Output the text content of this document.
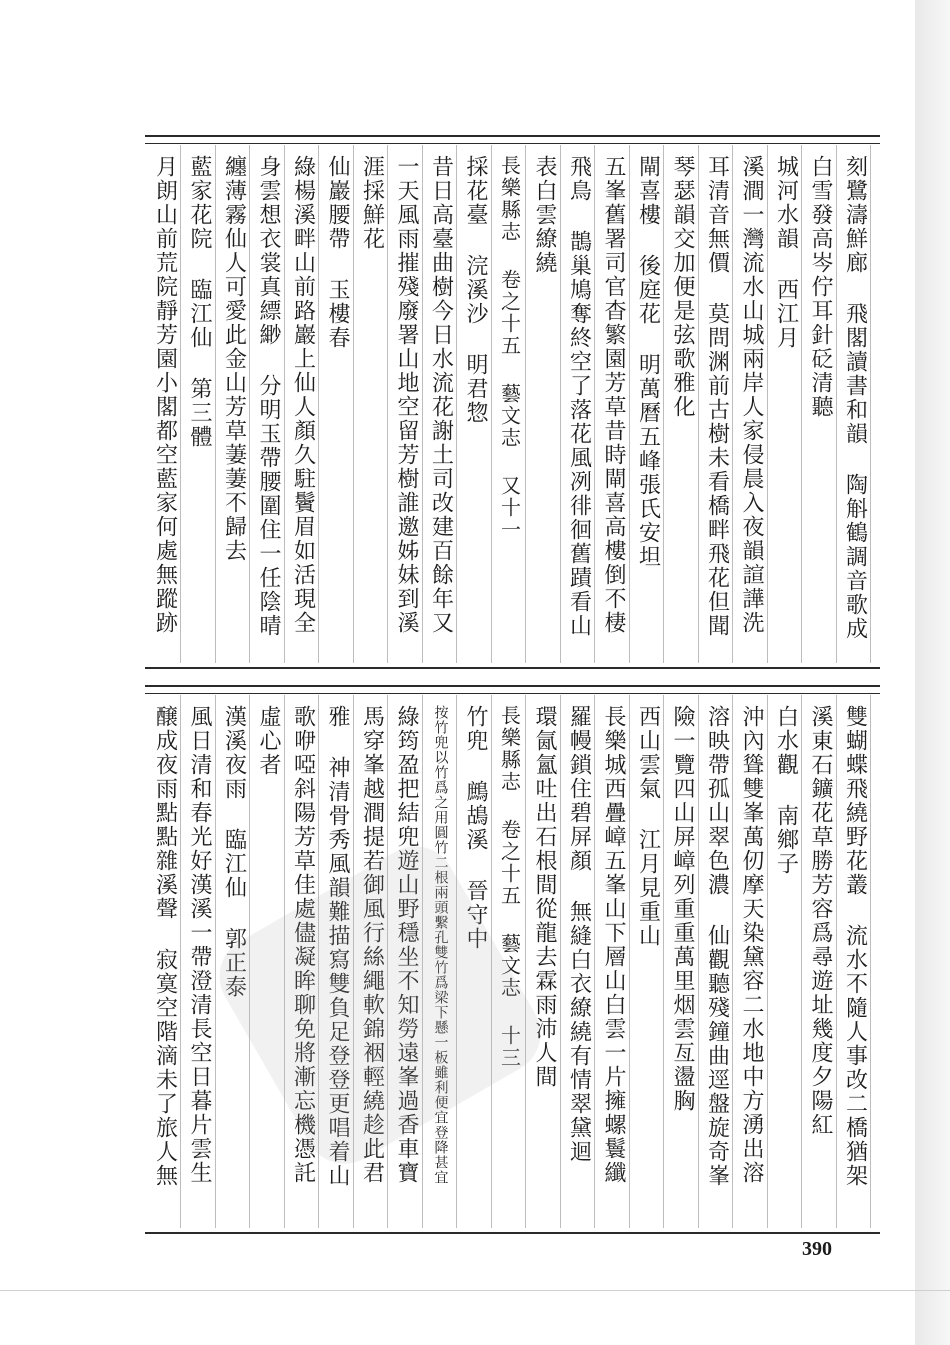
刻鷺濤鮮廊 飛閣讀書和韻 陶斛鶴調音歌成
白雪發高岑佇耳針砭清聽
城河水韻 西江月
溪澗一灣流水山城兩岸人家侵晨入夜韻諠譁洗
耳清音無價 莫問渊前古樹未看橋畔飛花但聞
琴瑟韻交加便是弦歌雅化
閘喜樓 後庭花 明萬曆五峰張氏安坦
五峯舊署司官杳繁園芳草昔時閘喜高樓倒不棲
飛鳥 鵲巢鳩奪終空了落花風冽徘徊舊蹟看山
表白雲繚繞
長樂縣志 卷之十五 藝文志 又十一
採花臺 浣溪沙 明君惣
昔日高臺曲樹今日水流花謝土司改建百餘年又
一天風雨摧殘廢署山地空留芳樹誰邀姊妹到溪
涯採鮮花
仙巖腰帶 玉樓春
綠楊溪畔山前路巖上仙人顏久駐鬢眉如活現全
身雲想衣裳真縹緲 分明玉帶腰圍住一任陰晴
纏薄霧仙人可愛此金山芳草萋萋不歸去
藍家花院 臨江仙 第三體
月朗山前荒院靜芳園小閣都空藍家何處無蹤跡
雙蝴蝶飛繞野花叢 流水不隨人事改二橋猶架
溪東石鑛花草勝芳容爲尋遊址幾度夕陽紅
白水觀 南鄉子
沖內聳雙峯萬仞摩天染黛容二水地中方湧出溶
溶映帶孤山翠色濃 仙觀聽殘鐘曲逕盤旋奇峯
險一覽四山屏嶂列重重萬里烟雲亙盪胸
西山雲氣 江月見重山
長樂城西疊嶂五峯山下層山白雲一片擁螺鬟纖
羅幔鎖住碧屏顏 無縫白衣繚繞有情翠黛迴
環氤氳吐出石根間從龍去霖雨沛人間
長樂縣志 卷之十五 藝文志 十三
竹兜 鷓鴣溪 晉守中
按竹兜以竹爲之用圓竹二根兩頭繫孔雙竹爲梁下懸一板雖利便宜登降甚宜
綠筠盈把結兜遊山野穩坐不知勞遠峯過香車寶
馬穿峯越澗提若御風行絲繩軟錦裀輕繞趁此君
雅 神清骨秀風韻難描寫雙負足登登更唱着山
歌咿啞斜陽芳草佳處儘凝眸聊免將漸忘機憑託
虛心者
漢溪夜雨 臨江仙 郭正泰
風日清和春光好漢溪一帶澄清長空日暮片雲生
醸成夜雨點點雜溪聲 寂寞空階滴未了旅人無
390
